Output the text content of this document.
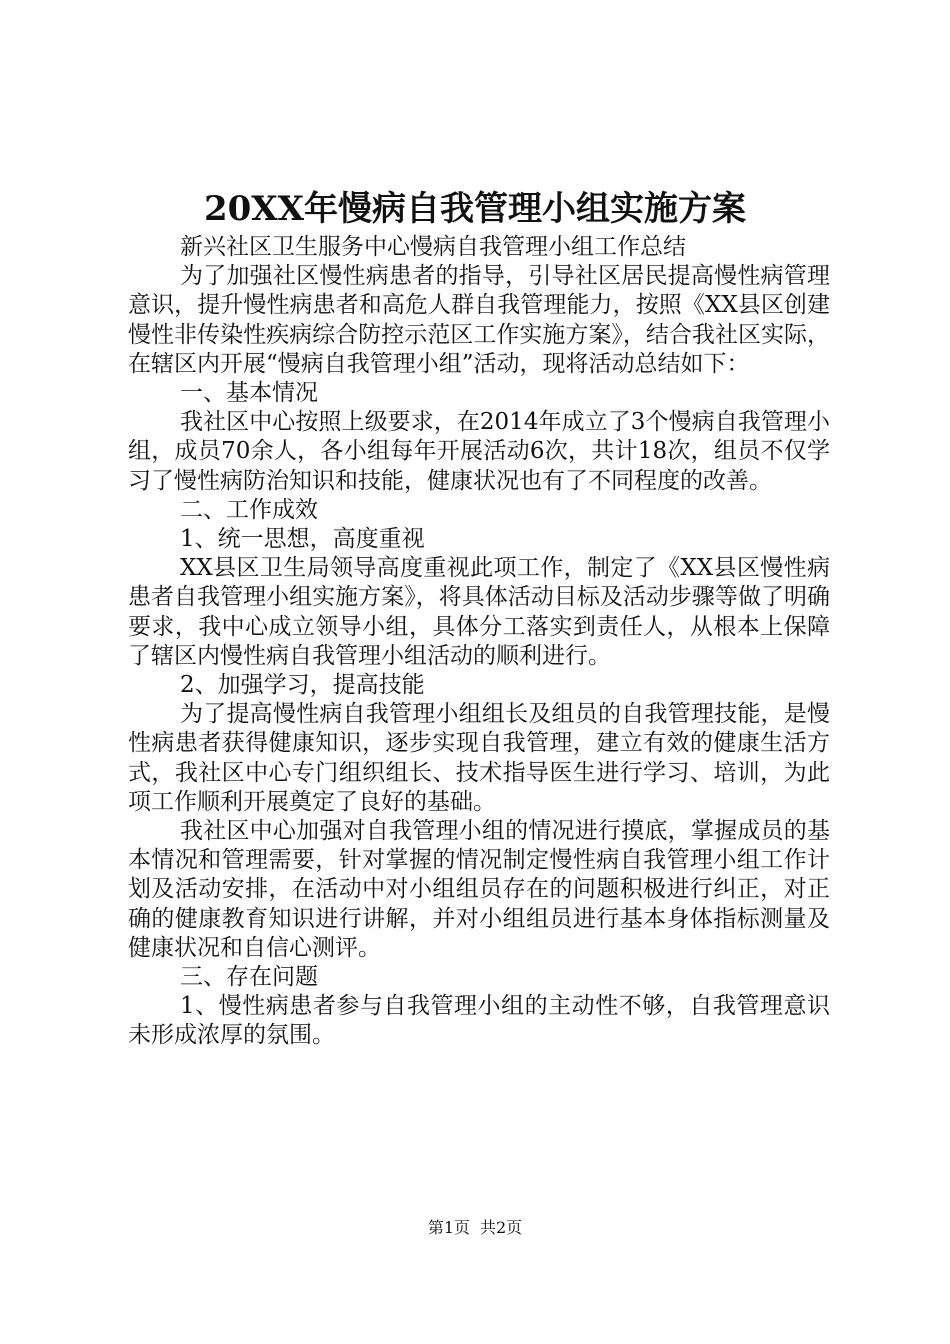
20XX年慢病自我管理小组实施方案

新兴社区卫生服务中心慢病自我管理小组工作总结

为了加强社区慢性病患者的指导，引导社区居民提高慢性病管理意识，提升慢性病患者和高危人群自我管理能力，按照《XX县区创建慢性非传染性疾病综合防控示范区工作实施方案》，结合我社区实际，在辖区内开展“慢病自我管理小组”活动，现将活动总结如下：

一、基本情况

我社区中心按照上级要求，在2014年成立了3个慢病自我管理小组，成员70余人，各小组每年开展活动6次，共计18次，组员不仅学习了慢性病防治知识和技能，健康状况也有了不同程度的改善。

二、工作成效

1、统一思想，高度重视

XX县区卫生局领导高度重视此项工作，制定了《XX县区慢性病患者自我管理小组实施方案》，将具体活动目标及活动步骤等做了明确要求，我中心成立领导小组，具体分工落实到责任人，从根本上保障了辖区内慢性病自我管理小组活动的顺利进行。

2、加强学习，提高技能

为了提高慢性病自我管理小组组长及组员的自我管理技能，是慢性病患者获得健康知识，逐步实现自我管理，建立有效的健康生活方式，我社区中心专门组织组长、技术指导医生进行学习、培训，为此项工作顺利开展奠定了良好的基础。

我社区中心加强对自我管理小组的情况进行摸底，掌握成员的基本情况和管理需要，针对掌握的情况制定慢性病自我管理小组工作计划及活动安排，在活动中对小组组员存在的问题积极进行纠正，对正确的健康教育知识进行讲解，并对小组组员进行基本身体指标测量及健康状况和自信心测评。

三、存在问题

1、慢性病患者参与自我管理小组的主动性不够，自我管理意识未形成浓厚的氛围。

第1页 共2页
